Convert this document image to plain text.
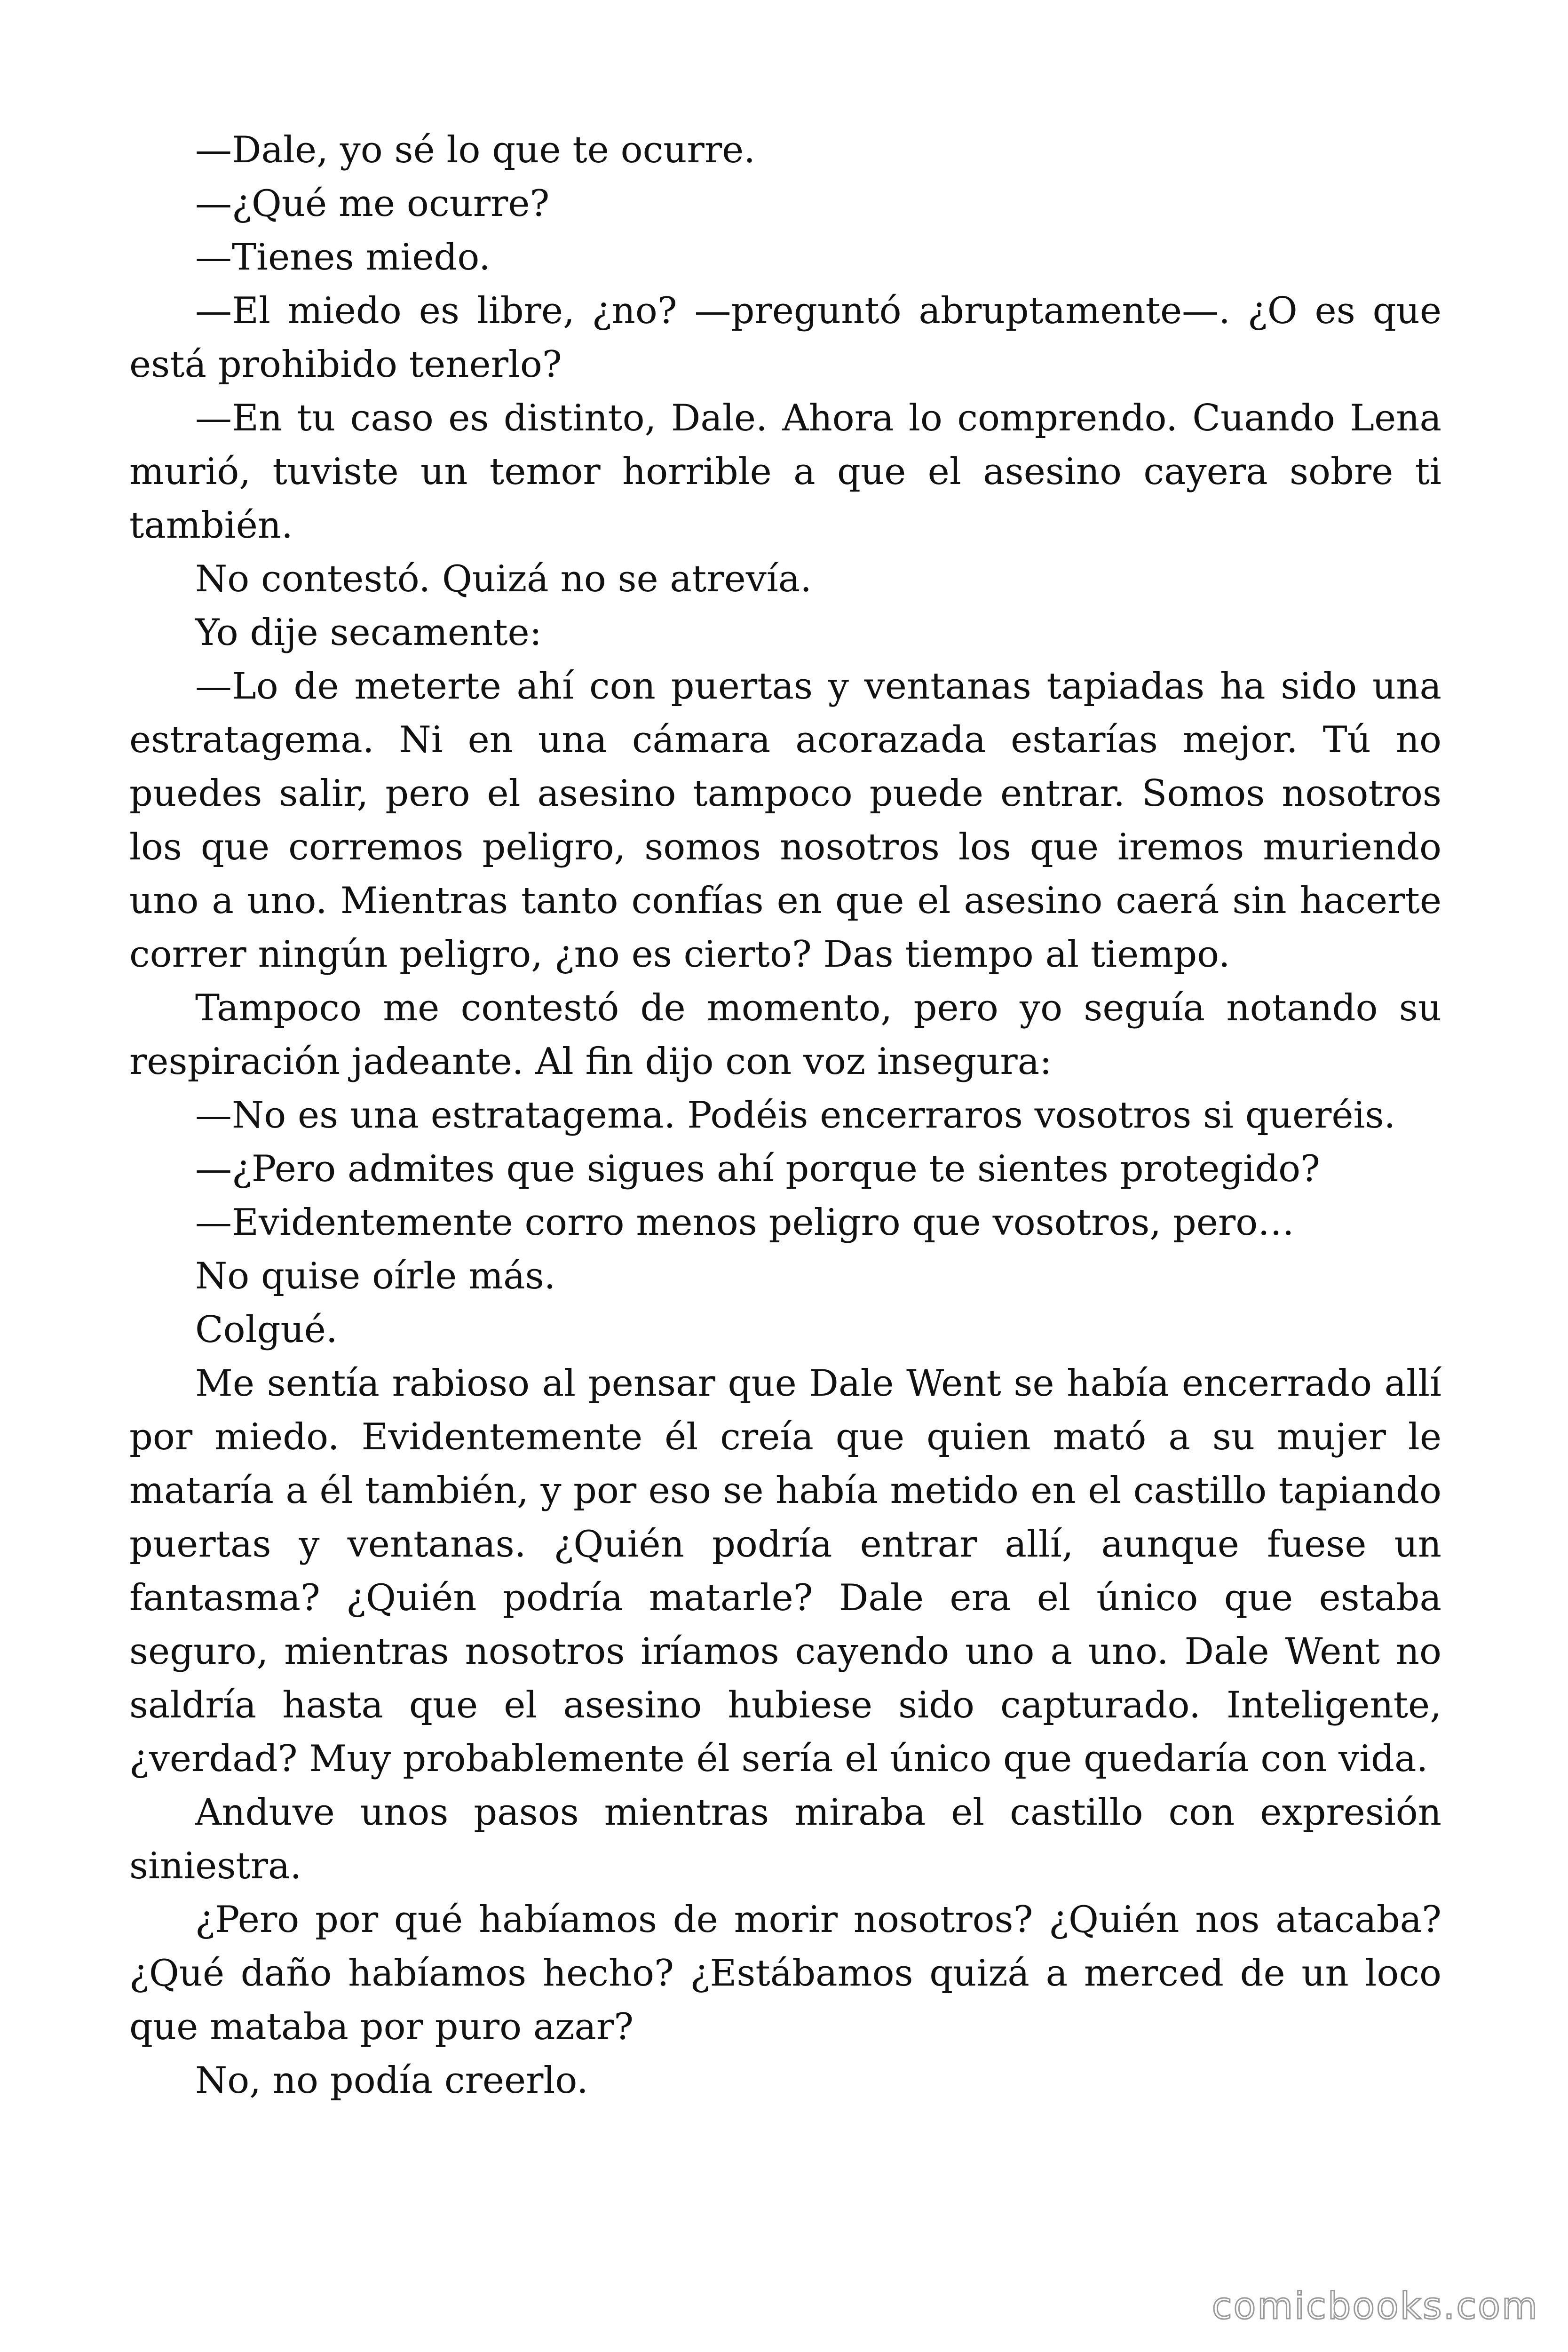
—Dale, yo sé lo que te ocurre.

—¿Qué me ocurre?

—Tienes miedo.

—El miedo es libre, ¿no? —preguntó abruptamente—. ¿O es que está prohibido tenerlo?

—En tu caso es distinto, Dale. Ahora lo comprendo. Cuando Lena murió, tuviste un temor horrible a que el asesino cayera sobre ti también.

No contestó. Quizá no se atrevía.

Yo dije secamente:

—Lo de meterte ahí con puertas y ventanas tapiadas ha sido una estratagema. Ni en una cámara acorazada estarías mejor. Tú no puedes salir, pero el asesino tampoco puede entrar. Somos nosotros los que corremos peligro, somos nosotros los que iremos muriendo uno a uno. Mientras tanto confías en que el asesino caerá sin hacerte correr ningún peligro, ¿no es cierto? Das tiempo al tiempo.

Tampoco me contestó de momento, pero yo seguía notando su respiración jadeante. Al fin dijo con voz insegura:

—No es una estratagema. Podéis encerraros vosotros si queréis.

—¿Pero admites que sigues ahí porque te sientes protegido?

—Evidentemente corro menos peligro que vosotros, pero…

No quise oírle más.

Colgué.

Me sentía rabioso al pensar que Dale Went se había encerrado allí por miedo. Evidentemente él creía que quien mató a su mujer le mataría a él también, y por eso se había metido en el castillo tapiando puertas y ventanas. ¿Quién podría entrar allí, aunque fuese un fantasma? ¿Quién podría matarle? Dale era el único que estaba seguro, mientras nosotros iríamos cayendo uno a uno. Dale Went no saldría hasta que el asesino hubiese sido capturado. Inteligente, ¿verdad? Muy probablemente él sería el único que quedaría con vida.

Anduve unos pasos mientras miraba el castillo con expresión siniestra.

¿Pero por qué habíamos de morir nosotros? ¿Quién nos atacaba? ¿Qué daño habíamos hecho? ¿Estábamos quizá a merced de un loco que mataba por puro azar?

No, no podía creerlo.

comicbooks.com
